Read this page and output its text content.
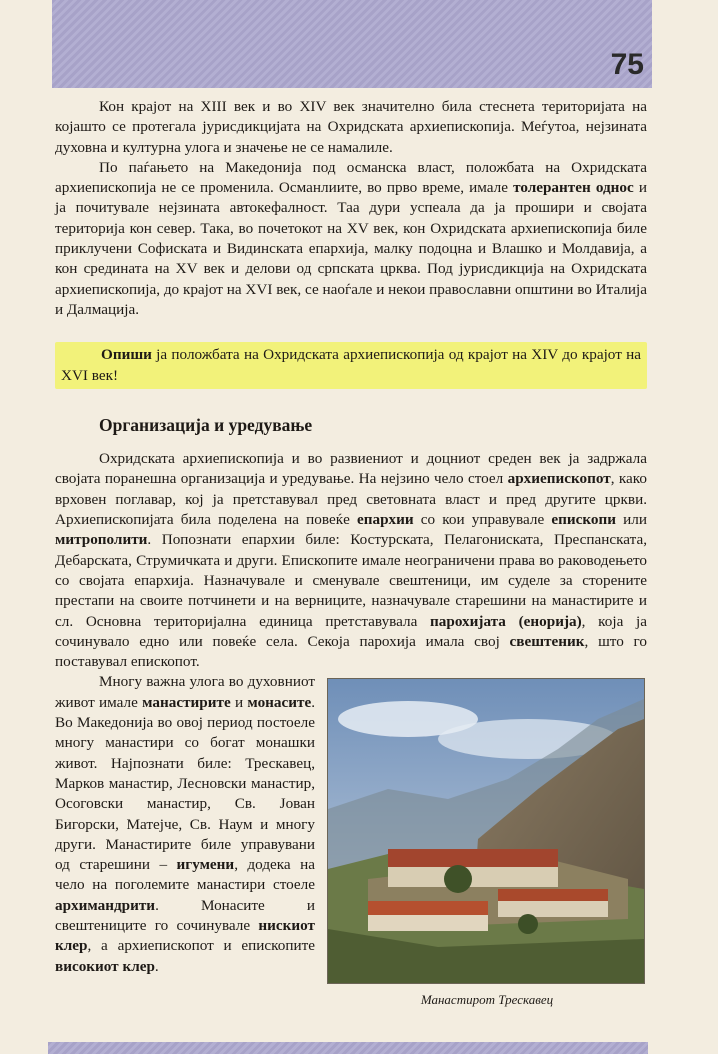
75

Кон крајот на XIII век и во XIV век значително била стеснета територијата на којашто се протегала јурисдикцијата на Охридската архиепископија. Меѓутоа, нејзината духовна и културна улога и значење не се намалиле.

По паѓањето на Македонија под османска власт, положбата на Охридската архиепископија не се променила. Османлиите, во прво време, имале толерантен однос и ја почитувале нејзината автокефалност. Таа дури успеала да ја прошири и својата територија кон север. Така, во почетокот на XV век, кон Охридската архиепископија биле приклучени Софиската и Видинската епархија, малку подоцна и Влашко и Молдавија, а кон средината на XV век и делови од српската црква. Под јурисдикција на Охридската архиепископија, до крајот на XVI век, се наоѓале и некои православни општини во Италија и Далмација.

Опиши ја положбата на Охридската архиепископија од крајот на XIV до крајот на XVI век!

Организација и уредување

Охридската архиепископија и во развиениот и доцниот среден век ја задржала својата поранешна организација и уредување. На нејзино чело стоел архиепископот, како врховен поглавар, кој ја претставувал пред световната власт и пред другите цркви. Архиепископијата била поделена на повеќе епархии со кои управувале епископи или митрополити. Попознати епархии биле: Костурската, Пелагониската, Преспанската, Дебарската, Струмичката и други. Епископите имале неограничени права во раководењето со својата епархија. Назначувале и сменувале свештеници, им суделе за сторените престапи на своите потчинети и на верниците, назначувале старешини на манастирите и сл. Основна територијална единица претставувала парохијата (енорија), која ја сочинувало едно или повеќе села. Секоја парохија имала свој свештеник, што го поставувал епископот.

Манастирот Трескавец

Многу важна улога во духовниот живот имале манастирите и монасите. Во Македонија во овој период постоеле многу манастири со богат монашки живот. Најпознати биле: Трескавец, Марков манастир, Лесновски манастир, Осоговски манастир, Св. Јован Бигорски, Матејче, Св. Наум и многу други. Манастирите биле управувани од старешини – игумени, додека на чело на поголемите манастири стоеле архимандрити. Монасите и свештениците го сочинувале нискиот клер, а архиепископот и епископите високиот клер.
